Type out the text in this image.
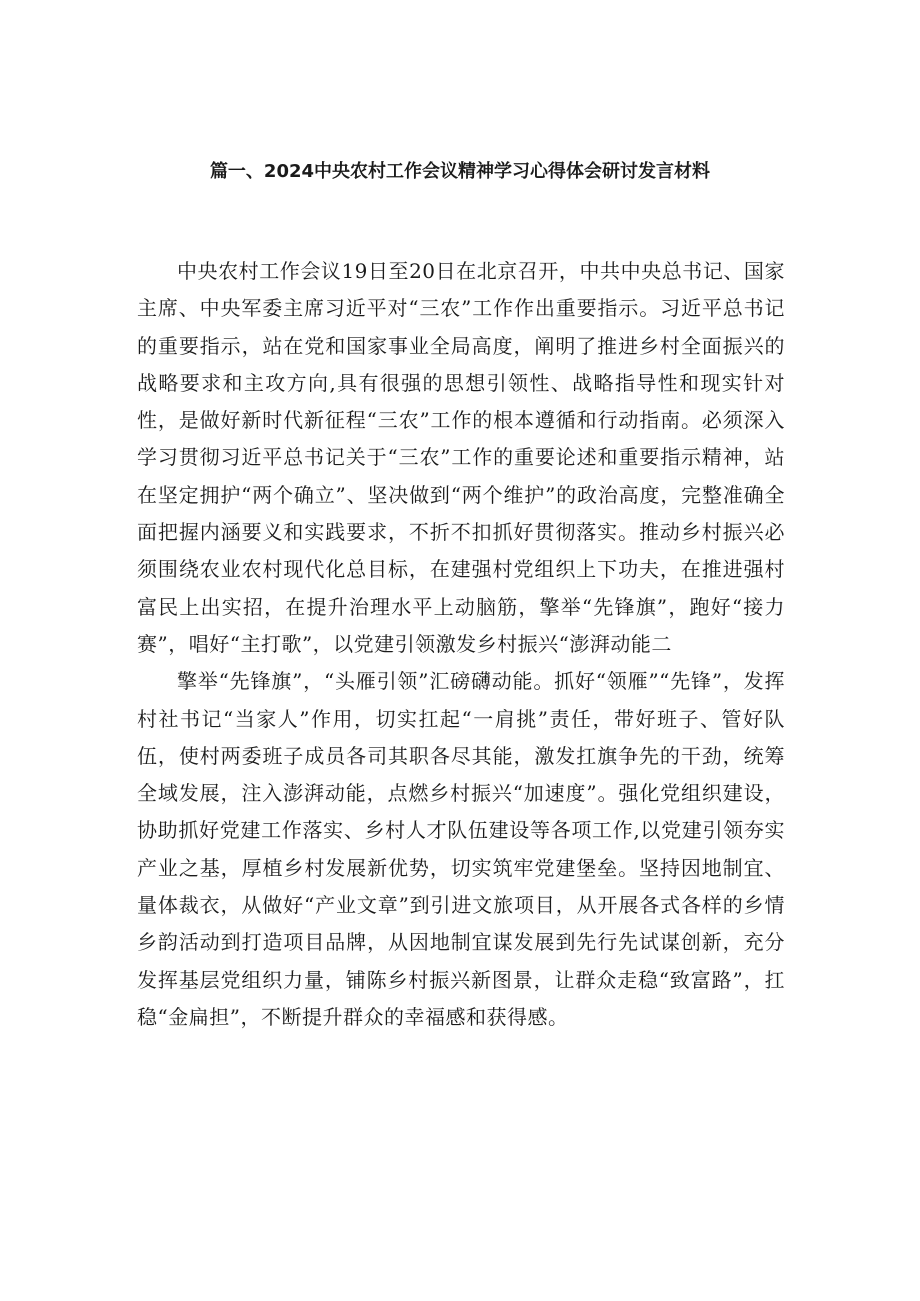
篇一、2024中央农村工作会议精神学习心得体会研讨发言材料

中央农村工作会议19日至20日在北京召开，中共中央总书记、国家主席、中央军委主席习近平对“三农”工作作出重要指示。习近平总书记的重要指示，站在党和国家事业全局高度，阐明了推进乡村全面振兴的战略要求和主攻方向,具有很强的思想引领性、战略指导性和现实针对性，是做好新时代新征程“三农”工作的根本遵循和行动指南。必须深入学习贯彻习近平总书记关于“三农”工作的重要论述和重要指示精神，站在坚定拥护“两个确立”、坚决做到“两个维护”的政治高度，完整准确全面把握内涵要义和实践要求，不折不扣抓好贯彻落实。推动乡村振兴必须围绕农业农村现代化总目标，在建强村党组织上下功夫，在推进强村富民上出实招，在提升治理水平上动脑筋，擎举“先锋旗”，跑好“接力赛”，唱好“主打歌”，以党建引领激发乡村振兴“澎湃动能二

擎举“先锋旗”，“头雁引领”汇磅礴动能。抓好“领雁”“先锋”，发挥村社书记“当家人”作用，切实扛起“一肩挑”责任，带好班子、管好队伍，使村两委班子成员各司其职各尽其能，激发扛旗争先的干劲，统筹全域发展，注入澎湃动能，点燃乡村振兴“加速度”。强化党组织建设，协助抓好党建工作落实、乡村人才队伍建设等各项工作,以党建引领夯实产业之基，厚植乡村发展新优势，切实筑牢党建堡垒。坚持因地制宜、量体裁衣，从做好“产业文章”到引进文旅项目，从开展各式各样的乡情乡韵活动到打造项目品牌，从因地制宜谋发展到先行先试谋创新，充分发挥基层党组织力量，铺陈乡村振兴新图景，让群众走稳“致富路”，扛稳“金扁担”，不断提升群众的幸福感和获得感。
